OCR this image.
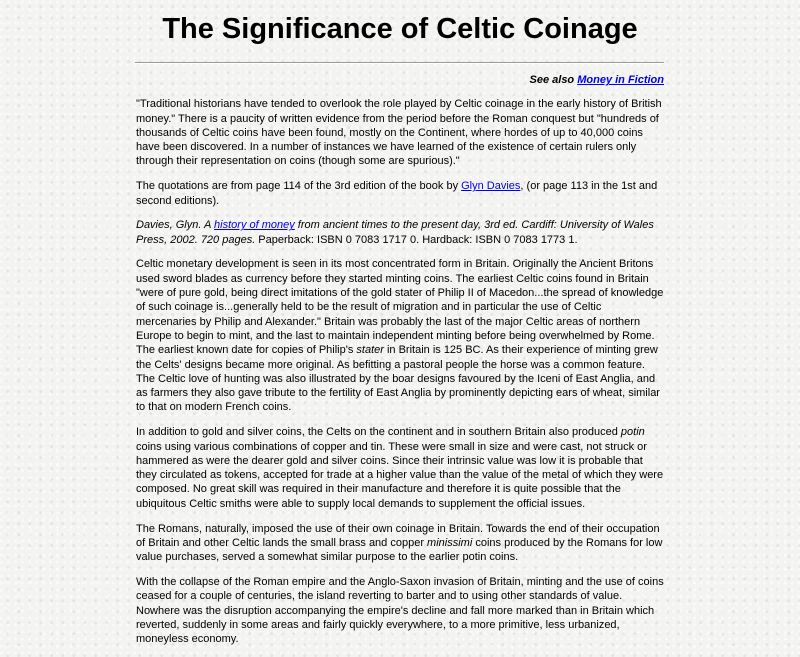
The Significance of Celtic Coinage
See also Money in Fiction

"Traditional historians have tended to overlook the role played by Celtic coinage in the early history of British money." There is a paucity of written evidence from the period before the Roman conquest but "hundreds of thousands of Celtic coins have been found, mostly on the Continent, where hordes of up to 40,000 coins have been discovered. In a number of instances we have learned of the existence of certain rulers only through their representation on coins (though some are spurious)."

The quotations are from page 114 of the 3rd edition of the book by Glyn Davies, (or page 113 in the 1st and second editions).

Davies, Glyn. A history of money from ancient times to the present day, 3rd ed. Cardiff: University of Wales Press, 2002. 720 pages. Paperback: ISBN 0 7083 1717 0. Hardback: ISBN 0 7083 1773 1.

Celtic monetary development is seen in its most concentrated form in Britain. Originally the Ancient Britons used sword blades as currency before they started minting coins. The earliest Celtic coins found in Britain "were of pure gold, being direct imitations of the gold stater of Philip II of Macedon...the spread of knowledge of such coinage is...generally held to be the result of migration and in particular the use of Celtic mercenaries by Philip and Alexander." Britain was probably the last of the major Celtic areas of northern Europe to begin to mint, and the last to maintain independent minting before being overwhelmed by Rome. The earliest known date for copies of Philip's stater in Britain is 125 BC. As their experience of minting grew the Celts' designs became more original. As befitting a pastoral people the horse was a common feature. The Celtic love of hunting was also illustrated by the boar designs favoured by the Iceni of East Anglia, and as farmers they also gave tribute to the fertility of East Anglia by prominently depicting ears of wheat, similar to that on modern French coins.

In addition to gold and silver coins, the Celts on the continent and in southern Britain also produced potin coins using various combinations of copper and tin. These were small in size and were cast, not struck or hammered as were the dearer gold and silver coins. Since their intrinsic value was low it is probable that they circulated as tokens, accepted for trade at a higher value than the value of the metal of which they were composed. No great skill was required in their manufacture and therefore it is quite possible that the ubiquitous Celtic smiths were able to supply local demands to supplement the official issues.

The Romans, naturally, imposed the use of their own coinage in Britain. Towards the end of their occupation of Britain and other Celtic lands the small brass and copper minissimi coins produced by the Romans for low value purchases, served a somewhat similar purpose to the earlier potin coins.

With the collapse of the Roman empire and the Anglo-Saxon invasion of Britain, minting and the use of coins ceased for a couple of centuries, the island reverting to barter and to using other standards of value. Nowhere was the disruption accompanying the empire's decline and fall more marked than in Britain which reverted, suddenly in some areas and fairly quickly everywhere, to a more primitive, less urbanized, moneyless economy.
